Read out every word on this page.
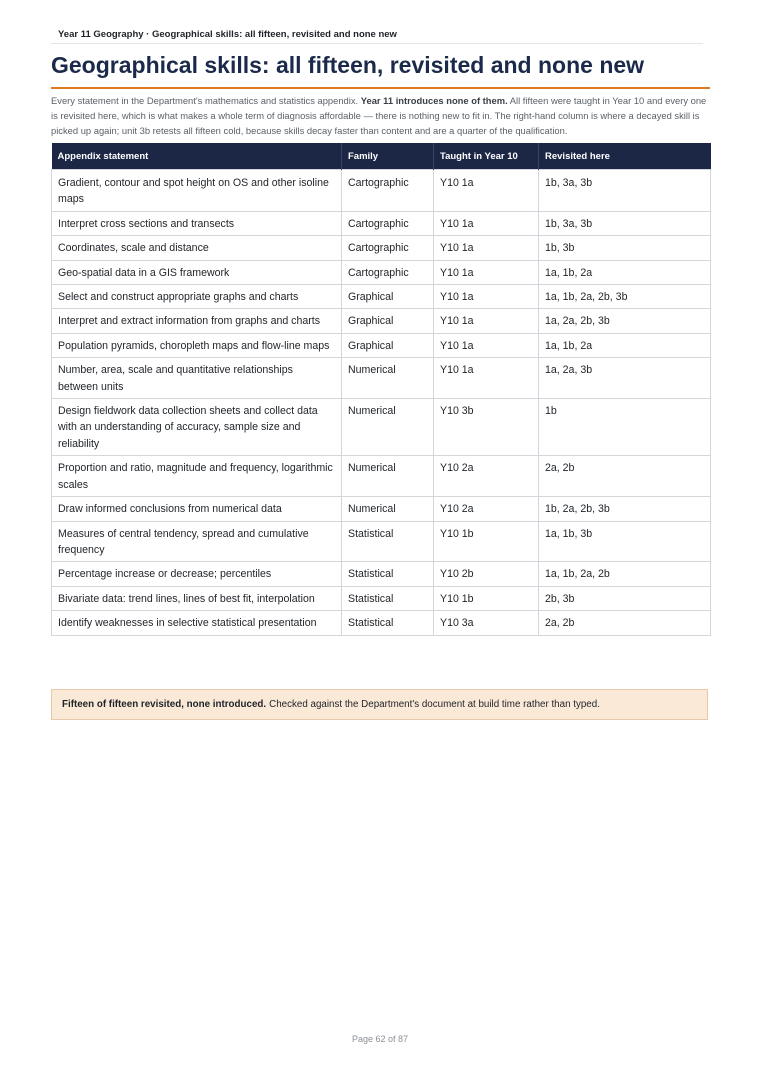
Year 11 Geography · Geographical skills: all fifteen, revisited and none new
Geographical skills: all fifteen, revisited and none new

Every statement in the Department's mathematics and statistics appendix. Year 11 introduces none of them. All fifteen were taught in Year 10 and every one is revisited here, which is what makes a whole term of diagnosis affordable — there is nothing new to fit in. The right-hand column is where a decayed skill is picked up again; unit 3b retests all fifteen cold, because skills decay faster than content and are a quarter of the qualification.

Appendix statement	Family	Taught in Year 10	Revisited here
Gradient, contour and spot height on OS and other isoline maps	Cartographic	Y10 1a	1b, 3a, 3b
Interpret cross sections and transects	Cartographic	Y10 1a	1b, 3a, 3b
Coordinates, scale and distance	Cartographic	Y10 1a	1b, 3b
Geo-spatial data in a GIS framework	Cartographic	Y10 1a	1a, 1b, 2a
Select and construct appropriate graphs and charts	Graphical	Y10 1a	1a, 1b, 2a, 2b, 3b
Interpret and extract information from graphs and charts	Graphical	Y10 1a	1a, 2a, 2b, 3b
Population pyramids, choropleth maps and flow-line maps	Graphical	Y10 1a	1a, 1b, 2a
Number, area, scale and quantitative relationships between units	Numerical	Y10 1a	1a, 2a, 3b
Design fieldwork data collection sheets and collect data with an understanding of accuracy, sample size and reliability	Numerical	Y10 3b	1b
Proportion and ratio, magnitude and frequency, logarithmic scales	Numerical	Y10 2a	2a, 2b
Draw informed conclusions from numerical data	Numerical	Y10 2a	1b, 2a, 2b, 3b
Measures of central tendency, spread and cumulative frequency	Statistical	Y10 1b	1a, 1b, 3b
Percentage increase or decrease; percentiles	Statistical	Y10 2b	1a, 1b, 2a, 2b
Bivariate data: trend lines, lines of best fit, interpolation	Statistical	Y10 1b	2b, 3b
Identify weaknesses in selective statistical presentation	Statistical	Y10 3a	2a, 2b
Fifteen of fifteen revisited, none introduced. Checked against the Department's document at build time rather than typed.
Page 62 of 87
